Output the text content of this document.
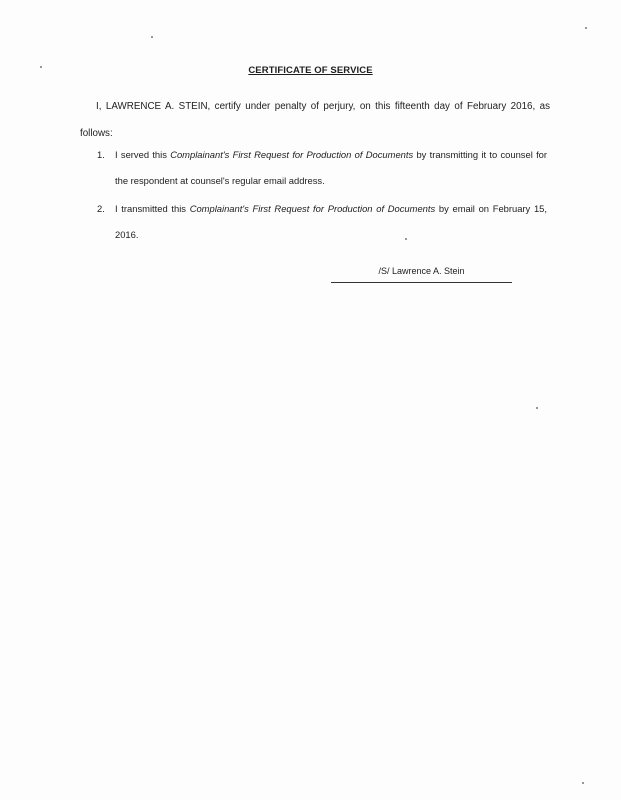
CERTIFICATE OF SERVICE
I, LAWRENCE A. STEIN, certify under penalty of perjury, on this fifteenth day of February 2016, as follows:
1.	I served this Complainant's First Request for Production of Documents by transmitting it to counsel for the respondent at counsel's regular email address.
2.	I transmitted this Complainant's First Request for Production of Documents by email on February 15, 2016.
/S/ Lawrence A. Stein
